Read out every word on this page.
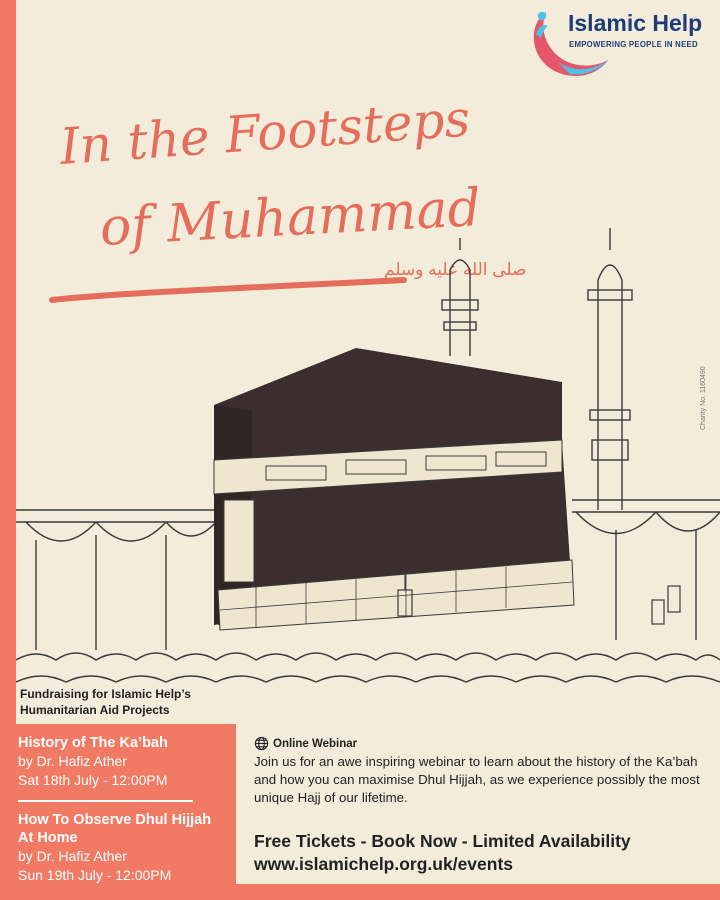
Islamic Help
EMPOWERING PEOPLE IN NEED
In the Footsteps
of Muhammad
صلى الله عليه وسلم
Charity No. 1160490
Fundraising for Islamic Help’s
Humanitarian Aid Projects
History of The Ka’bah
by Dr. Hafiz Ather
Sat 18th July - 12:00PM
How To Observe Dhul Hijjah At Home
by Dr. Hafiz Ather
Sun 19th July - 12:00PM
Online Webinar
Join us for an awe inspiring webinar to learn about the history of the Ka’bah and how you can maximise Dhul Hijjah, as we experience possibly the most unique Hajj of our lifetime.
Free Tickets - Book Now - Limited Availability
www.islamichelp.org.uk/events
